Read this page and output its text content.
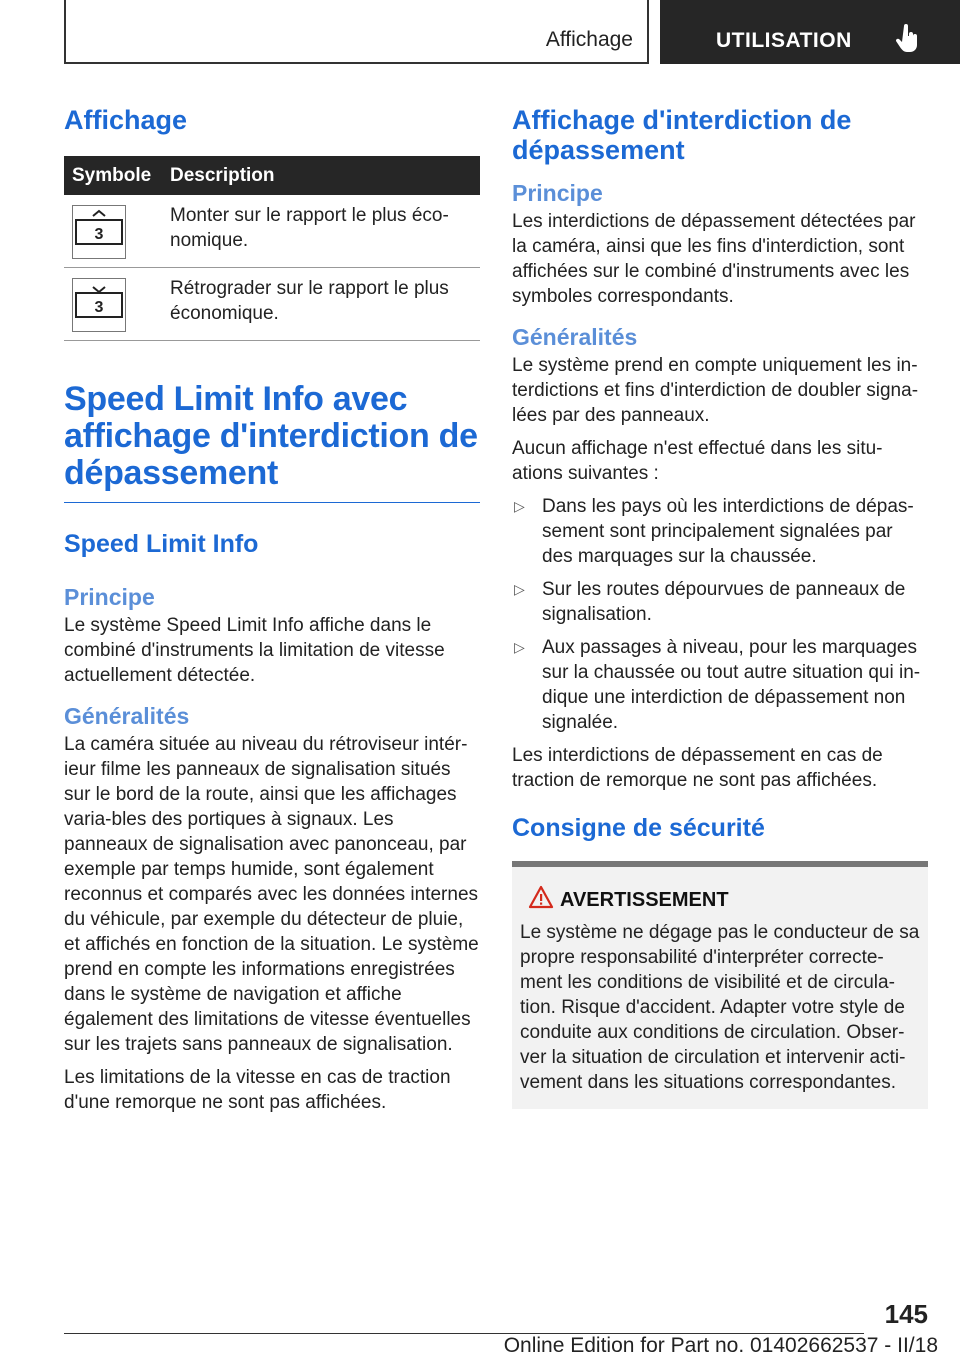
Affichage	UTILISATION
Affichage
Symbole	Description

3	Monter sur le rapport le plus éco-nomique.

3	Rétrograder sur le rapport le plus économique.
Speed Limit Info avec affichage d'interdiction de dépassement
Speed Limit Info
Principe

Le système Speed Limit Info affiche dans le combiné d'instruments la limitation de vitesse actuellement détectée.

Généralités

La caméra située au niveau du rétroviseur intér-ieur filme les panneaux de signalisation situés sur le bord de la route, ainsi que les affichages varia-bles des portiques à signaux. Les panneaux de signalisation avec panonceau, par exemple par temps humide, sont également reconnus et comparés avec les données internes du véhicule, par exemple du détecteur de pluie, et affichés en fonction de la situation. Le système prend en compte les informations enregistrées dans le système de navigation et affiche également des limitations de vitesse éventuelles sur les trajets sans panneaux de signalisation.

Les limitations de la vitesse en cas de traction d'une remorque ne sont pas affichées.

Affichage d'interdiction de dépassement
Principe

Les interdictions de dépassement détectées par la caméra, ainsi que les fins d'interdiction, sont affichées sur le combiné d'instruments avec les symboles correspondants.

Généralités

Le système prend en compte uniquement les in-terdictions et fins d'interdiction de doubler signa-lées par des panneaux.

Aucun affichage n'est effectué dans les situ-ations suivantes :

▷ Dans les pays où les interdictions de dépas-sement sont principalement signalées par des marquages sur la chaussée.
▷ Sur les routes dépourvues de panneaux de signalisation.
▷ Aux passages à niveau, pour les marquages sur la chaussée ou tout autre situation qui in-dique une interdiction de dépassement non signalée.

Les interdictions de dépassement en cas de traction de remorque ne sont pas affichées.

Consigne de sécurité
AVERTISSEMENT

Le système ne dégage pas le conducteur de sa propre responsabilité d'interpréter correcte-ment les conditions de visibilité et de circula-tion. Risque d'accident. Adapter votre style de conduite aux conditions de circulation. Obser-ver la situation de circulation et intervenir acti-vement dans les situations correspondantes.

145
Online Edition for Part no. 01402662537 - II/18
